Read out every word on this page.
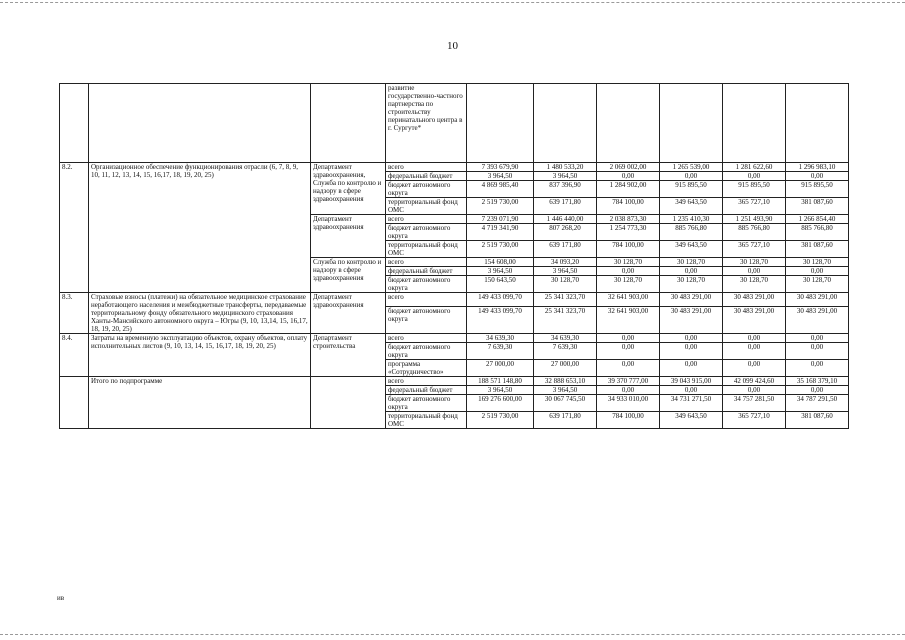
10
			развитие государственно-частного партнерства по строительству перинатального центра в г. Сургуте*						
8.2.	Организационное обеспечение функционирования отрасли (6, 7, 8, 9, 10, 11, 12, 13, 14, 15, 16,17, 18, 19, 20, 25)	Департамент здравоохранения, Служба по контролю и надзору в сфере здравоохранения	всего	7 393 679,90	1 480 533,20	2 069 002,00	1 265 539,00	1 281 622,60	1 296 983,10
			федеральный бюджет	3 964,50	3 964,50	0,00	0,00	0,00	0,00
			бюджет автономного округа	4 869 985,40	837 396,90	1 284 902,00	915 895,50	915 895,50	915 895,50
			территориальный фонд ОМС	2 519 730,00	639 171,80	784 100,00	349 643,50	365 727,10	381 087,60
		Департамент здравоохранения	всего	7 239 071,90	1 446 440,00	2 038 873,30	1 235 410,30	1 251 493,90	1 266 854,40
			бюджет автономного округа	4 719 341,90	807 268,20	1 254 773,30	885 766,80	885 766,80	885 766,80
			территориальный фонд ОМС	2 519 730,00	639 171,80	784 100,00	349 643,50	365 727,10	381 087,60
		Служба по контролю и надзору в сфере здравоохранения	всего	154 608,00	34 093,20	30 128,70	30 128,70	30 128,70	30 128,70
			федеральный бюджет	3 964,50	3 964,50	0,00	0,00	0,00	0,00
			бюджет автономного округа	150 643,50	30 128,70	30 128,70	30 128,70	30 128,70	30 128,70
8.3.	Страховые взносы (платежи) на обязательное медицинское страхование неработающего населения и межбюджетные трансферты, передаваемые территориальному фонду обязательного медицинского страхования Ханты-Мансийского автономного округа – Югры (9, 10, 13,14, 15, 16,17, 18, 19, 20, 25)	Департамент здравоохранения	всего	149 433 099,70	25 341 323,70	32 641 903,00	30 483 291,00	30 483 291,00	30 483 291,00
			бюджет автономного округа	149 433 099,70	25 341 323,70	32 641 903,00	30 483 291,00	30 483 291,00	30 483 291,00
8.4.	Затраты на временную эксплуатацию объектов, охрану объектов, оплату исполнительных листов (9, 10, 13, 14, 15, 16,17, 18, 19, 20, 25)	Департамент строительства	всего	34 639,30	34 639,30	0,00	0,00	0,00	0,00
			бюджет автономного округа	7 639,30	7 639,30	0,00	0,00	0,00	0,00
			программа «Сотрудничество»	27 000,00	27 000,00	0,00	0,00	0,00	0,00
	Итого по подпрограмме		всего	188 571 148,80	32 888 653,10	39 370 777,00	39 043 915,00	42 099 424,60	35 168 379,10
			федеральный бюджет	3 964,50	3 964,50	0,00	0,00	0,00	0,00
			бюджет автономного округа	169 276 600,00	30 067 745,50	34 933 010,00	34 731 271,50	34 757 281,50	34 787 291,50
			территориальный фонд ОМС	2 519 730,00	639 171,80	784 100,00	349 643,50	365 727,10	381 087,60
ив
